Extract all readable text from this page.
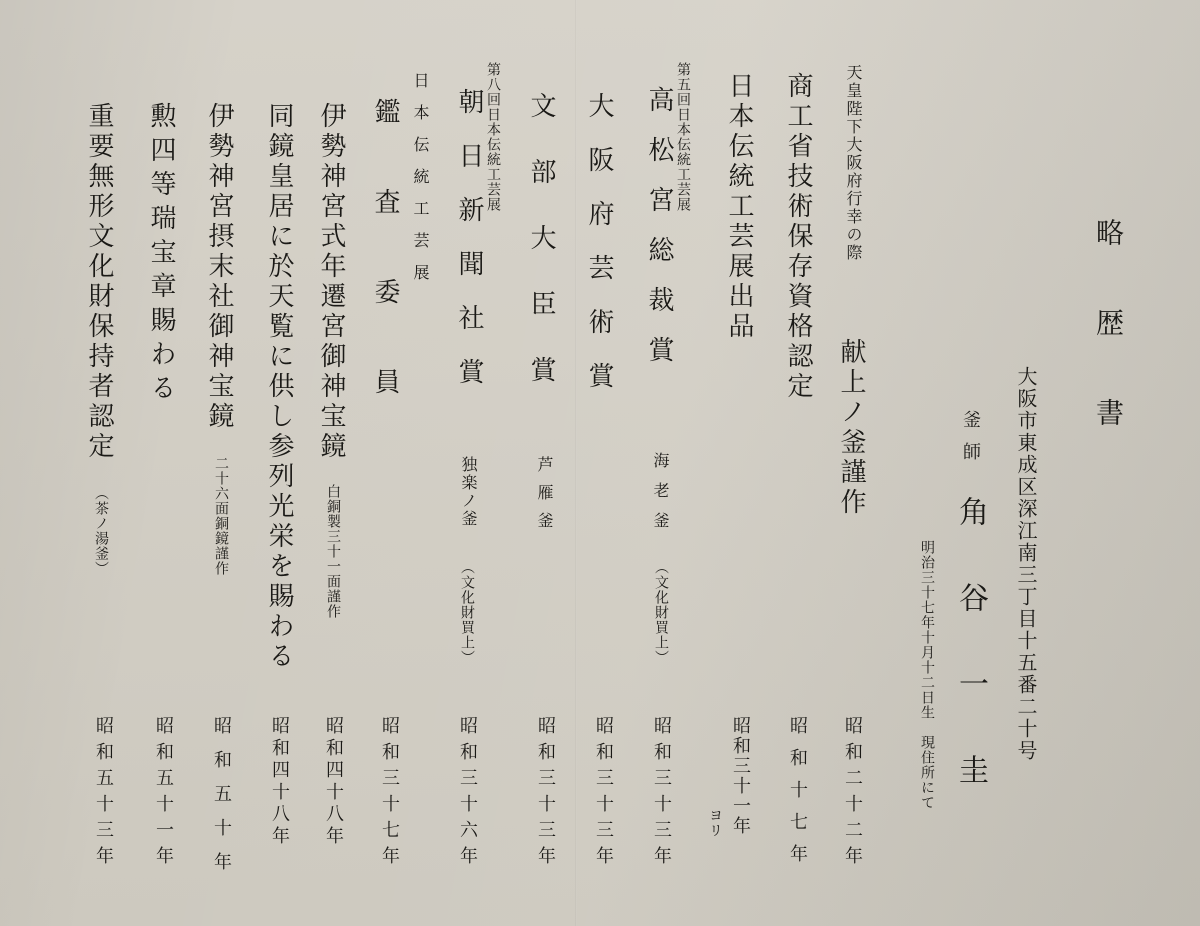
略歴書
大阪市東成区深江南三丁目十五番二十号
釜師
角谷一圭
明治三十七年十月十二日生　現住所にて
天皇陛下大阪府行幸の際
献上ノ釜謹作
昭和二十二年
商工省技術保存資格認定
昭和十七年
日本伝統工芸展出品
昭和三十一年
ヨリ
第五回日本伝統工芸展
高松宮総裁賞
海老釜
（文化財買上）
昭和三十三年
大阪府芸術賞
昭和三十三年
文部大臣賞
芦雁釜
昭和三十三年
第八回日本伝統工芸展
朝日新聞社賞
独楽ノ釜
（文化財買上）
昭和三十六年
日本伝統工芸展
鑑査委員
昭和三十七年
伊勢神宮式年遷宮御神宝鏡
白銅製三十一面謹作
昭和四十八年
同鏡皇居に於天覧に供し参列光栄を賜わる
昭和四十八年
伊勢神宮摂末社御神宝鏡
二十六面銅鏡謹作
昭和五十年
勲四等瑞宝章賜わる
昭和五十一年
重要無形文化財保持者認定
（茶ノ湯釜）
昭和五十三年
